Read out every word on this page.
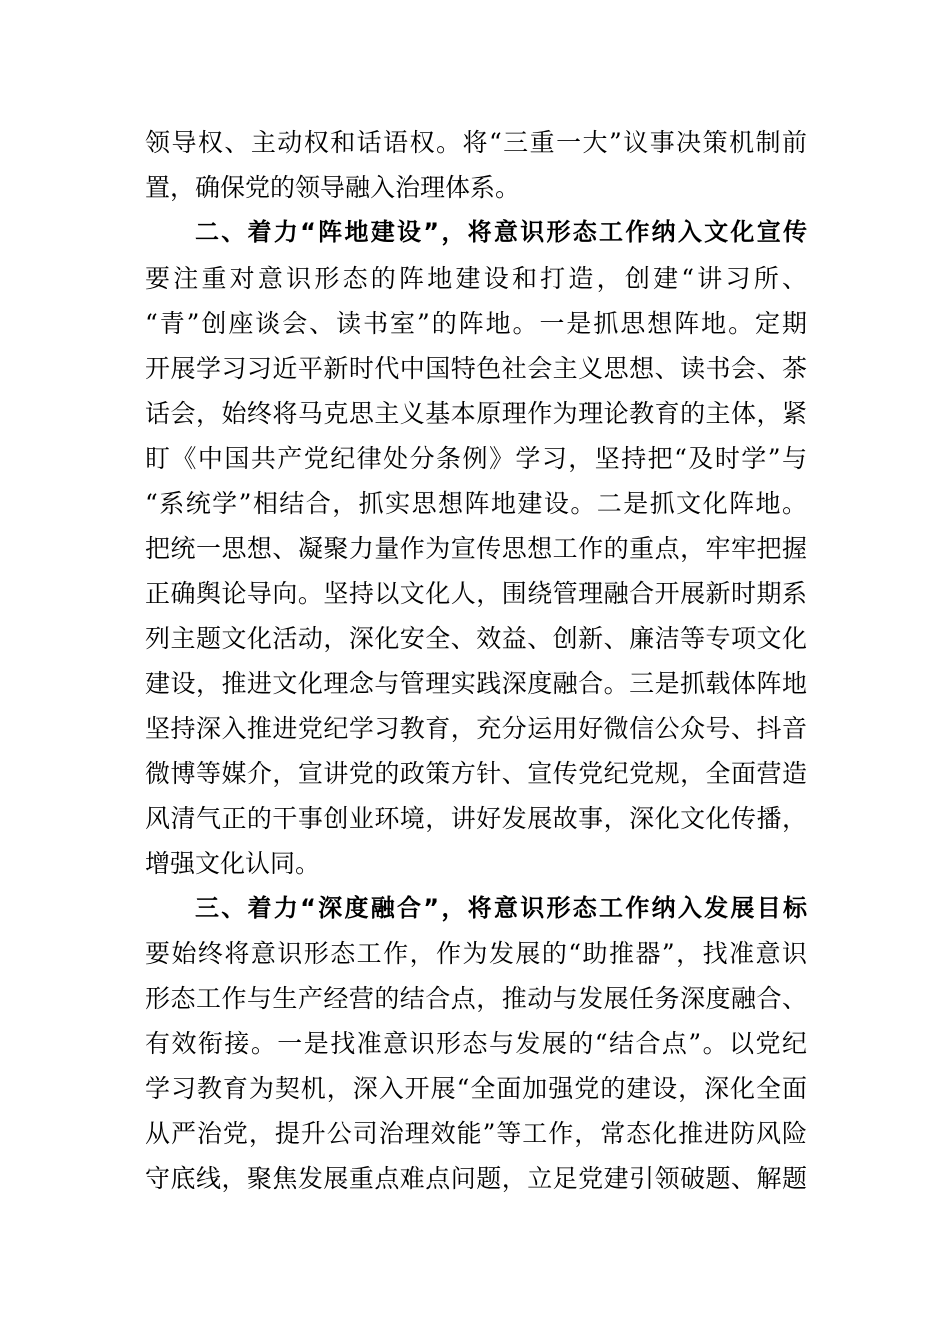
领导权、主动权和话语权。将“三重一大”议事决策机制前
置，确保党的领导融入治理体系。
二、着力“阵地建设”，将意识形态工作纳入文化宣传
要注重对意识形态的阵地建设和打造，创建“讲习所、
“青”创座谈会、读书室”的阵地。一是抓思想阵地。定期
开展学习习近平新时代中国特色社会主义思想、读书会、茶
话会，始终将马克思主义基本原理作为理论教育的主体，紧
盯《中国共产党纪律处分条例》学习，坚持把“及时学”与
“系统学”相结合，抓实思想阵地建设。二是抓文化阵地。
把统一思想、凝聚力量作为宣传思想工作的重点，牢牢把握
正确舆论导向。坚持以文化人，围绕管理融合开展新时期系
列主题文化活动，深化安全、效益、创新、廉洁等专项文化
建设，推进文化理念与管理实践深度融合。三是抓载体阵地
坚持深入推进党纪学习教育，充分运用好微信公众号、抖音
微博等媒介，宣讲党的政策方针、宣传党纪党规，全面营造
风清气正的干事创业环境，讲好发展故事，深化文化传播，
增强文化认同。
三、着力“深度融合”，将意识形态工作纳入发展目标
要始终将意识形态工作，作为发展的“助推器”，找准意识
形态工作与生产经营的结合点，推动与发展任务深度融合、
有效衔接。一是找准意识形态与发展的“结合点”。以党纪
学习教育为契机，深入开展“全面加强党的建设，深化全面
从严治党，提升公司治理效能”等工作，常态化推进防风险
守底线，聚焦发展重点难点问题，立足党建引领破题、解题
